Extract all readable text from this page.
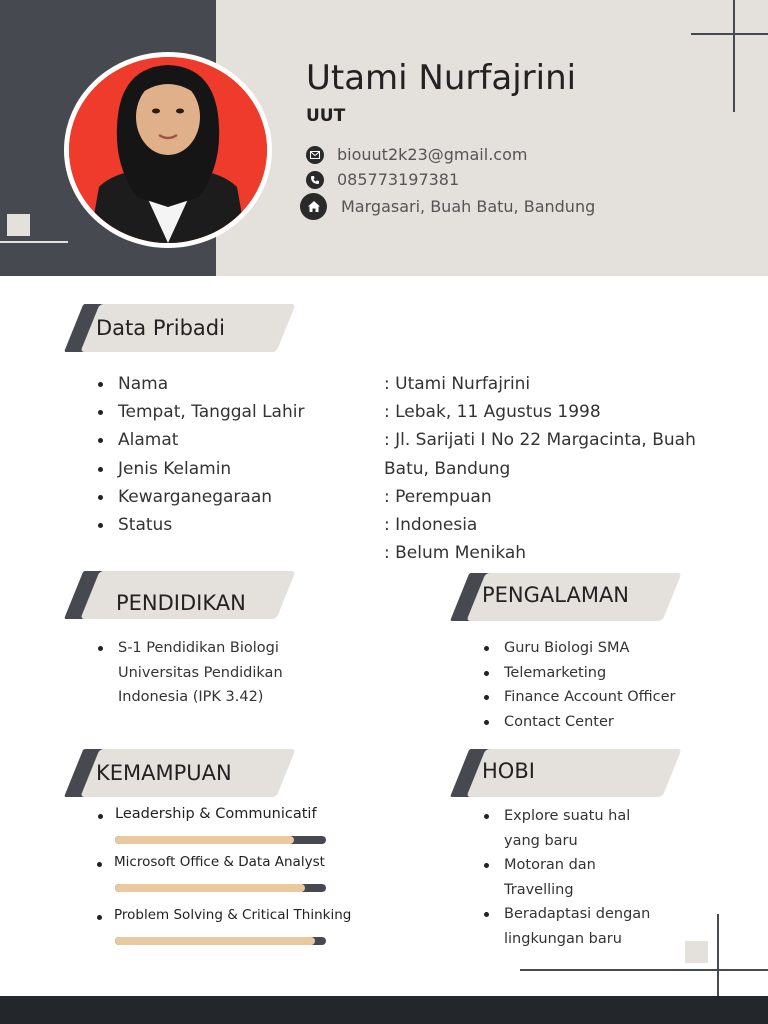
Utami Nurfajrini
UUT
biouut2k23@gmail.com
085773197381
Margasari, Buah Batu, Bandung
Data Pribadi
Nama
Tempat, Tanggal Lahir
Alamat
Jenis Kelamin
Kewarganegaraan
Status
: Utami Nurfajrini
: Lebak, 11 Agustus 1998
: Jl. Sarijati I No 22 Margacinta, Buah Batu, Bandung
: Perempuan
: Indonesia
: Belum Menikah
PENDIDIKAN
S-1 Pendidikan Biologi Universitas Pendidikan Indonesia (IPK 3.42)
PENGALAMAN
Guru Biologi SMA
Telemarketing
Finance Account Officer
Contact Center
KEMAMPUAN
Leadership & Communicatif
Microsoft Office & Data Analyst
Problem Solving & Critical Thinking
HOBI
Explore suatu hal yang baru
Motoran dan Travelling
Beradaptasi dengan lingkungan baru
